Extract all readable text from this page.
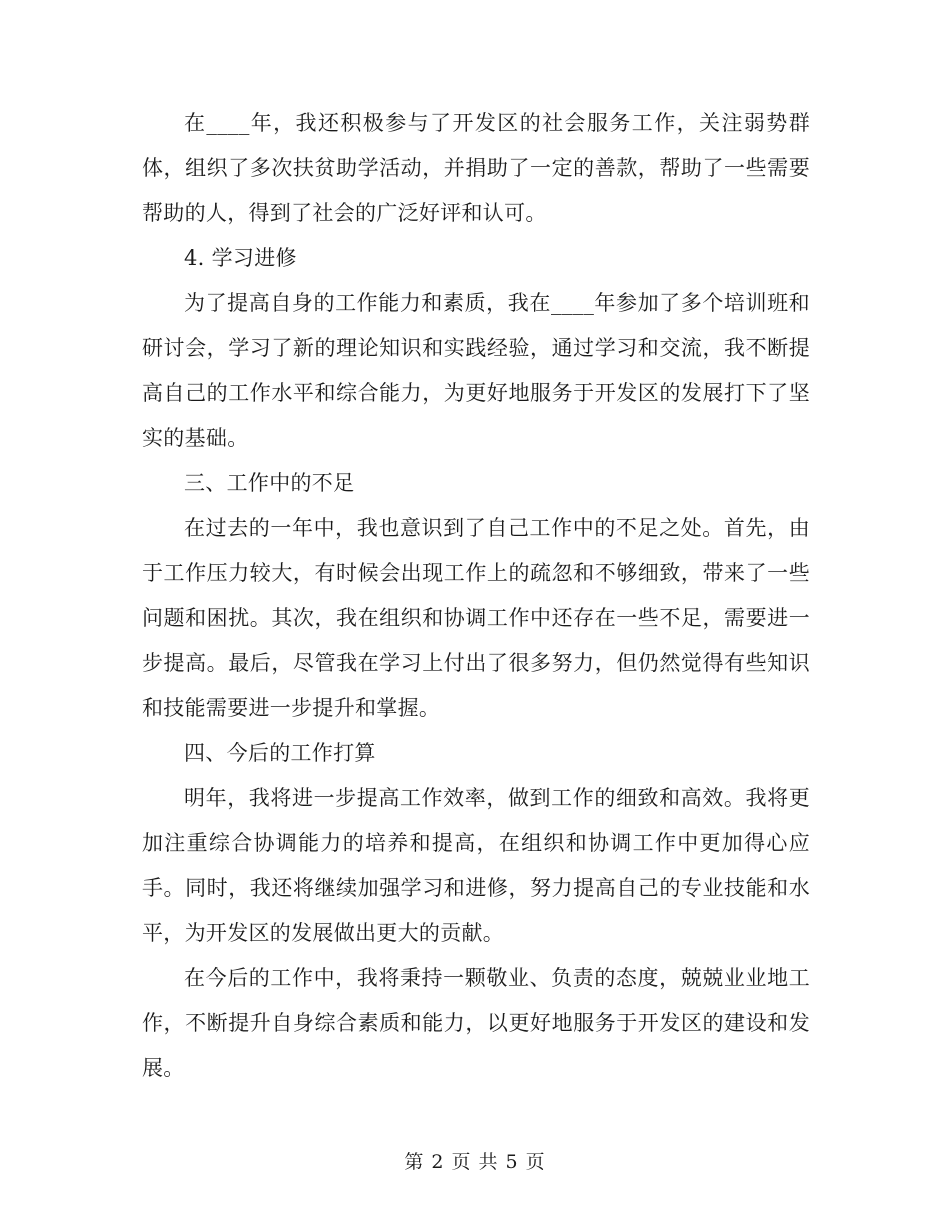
在____年，我还积极参与了开发区的社会服务工作，关注弱势群体，组织了多次扶贫助学活动，并捐助了一定的善款，帮助了一些需要帮助的人，得到了社会的广泛好评和认可。

4. 学习进修

为了提高自身的工作能力和素质，我在____年参加了多个培训班和研讨会，学习了新的理论知识和实践经验，通过学习和交流，我不断提高自己的工作水平和综合能力，为更好地服务于开发区的发展打下了坚实的基础。

三、工作中的不足

在过去的一年中，我也意识到了自己工作中的不足之处。首先，由于工作压力较大，有时候会出现工作上的疏忽和不够细致，带来了一些问题和困扰。其次，我在组织和协调工作中还存在一些不足，需要进一步提高。最后，尽管我在学习上付出了很多努力，但仍然觉得有些知识和技能需要进一步提升和掌握。

四、今后的工作打算

明年，我将进一步提高工作效率，做到工作的细致和高效。我将更加注重综合协调能力的培养和提高，在组织和协调工作中更加得心应手。同时，我还将继续加强学习和进修，努力提高自己的专业技能和水平，为开发区的发展做出更大的贡献。

在今后的工作中，我将秉持一颗敬业、负责的态度，兢兢业业地工作，不断提升自身综合素质和能力，以更好地服务于开发区的建设和发展。

第 2 页 共 5 页
